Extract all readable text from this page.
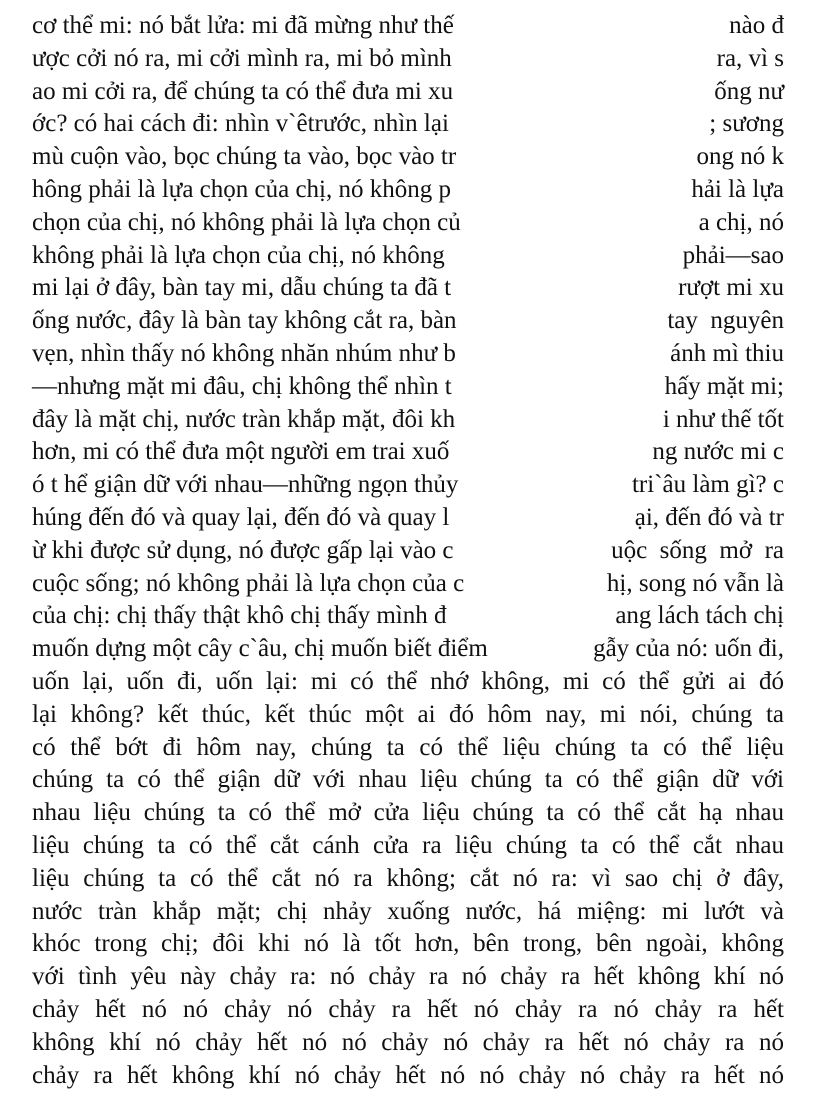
cơ thể mi: nó bắt lửa: mi đã mừng như thế	nào đ
ược cởi nó ra, mi cởi mình ra, mi bỏ mình	ra, vì s
ao mi cởi ra, để chúng ta có thể đưa mi xu	ống nư
ớc? có hai cách đi: nhìn v`êtrước, nhìn lại	; sương
mù cuộn vào, bọc chúng ta vào, bọc vào tr	ong nó k
hông phải là lựa chọn của chị, nó không p	hải là lựa
chọn của chị, nó không phải là lựa chọn củ	a chị, nó
không phải là lựa chọn của chị, nó không	phải—sao
mi lại ở đây, bàn tay mi, dẫu chúng ta đã t	rượt mi xu
ống nước, đây là bàn tay không cắt ra, bàn	tay  nguyên
vẹn, nhìn thấy nó không nhăn nhúm như b	ánh mì thiu
—nhưng mặt mi đâu, chị không thể nhìn t	hấy mặt mi;
đây là mặt chị, nước tràn khắp mặt, đôi kh	i như thế tốt
hơn, mi có thể đưa một người em trai xuố	ng nước mi c
ó t hể giận dữ với nhau—những ngọn thủy	tri`âu làm gì? c
húng đến đó và quay lại, đến đó và quay l	ại, đến đó và tr
ừ khi được sử dụng, nó được gấp lại vào c	uộc  sống  mở  ra
cuộc sống; nó không phải là lựa chọn của c	hị, song nó vẫn là
của chị: chị thấy thật khô chị thấy mình đ	ang lách tách chị
muốn dựng một cây c`âu, chị muốn biết điểm	gẫy của nó: uốn đi,
uốn lại, uốn đi, uốn lại: mi có thể nhớ không, mi có thể gửi ai đó
lại không? kết thúc, kết thúc một ai đó hôm nay, mi nói, chúng ta
có thể bớt đi hôm nay, chúng ta có thể liệu chúng ta có thể liệu
chúng ta có thể giận dữ với nhau liệu chúng ta có thể giận dữ với
nhau liệu chúng ta có thể mở cửa liệu chúng ta có thể cắt hạ nhau
liệu chúng ta có thể cắt cánh cửa ra liệu chúng ta có thể cắt nhau
liệu chúng ta có thể cắt nó ra không; cắt nó ra: vì sao chị ở đây,
nước tràn khắp mặt; chị nhảy xuống nước, há miệng: mi lướt và
khóc trong chị; đôi khi nó là tốt hơn, bên trong, bên ngoài, không
với tình yêu này chảy ra: nó chảy ra nó chảy ra hết không khí nó
chảy hết nó nó chảy nó chảy ra hết nó chảy ra nó chảy ra hết
không khí nó chảy hết nó nó chảy nó chảy ra hết nó chảy ra nó
chảy ra hết không khí nó chảy hết nó nó chảy nó chảy ra hết nó
